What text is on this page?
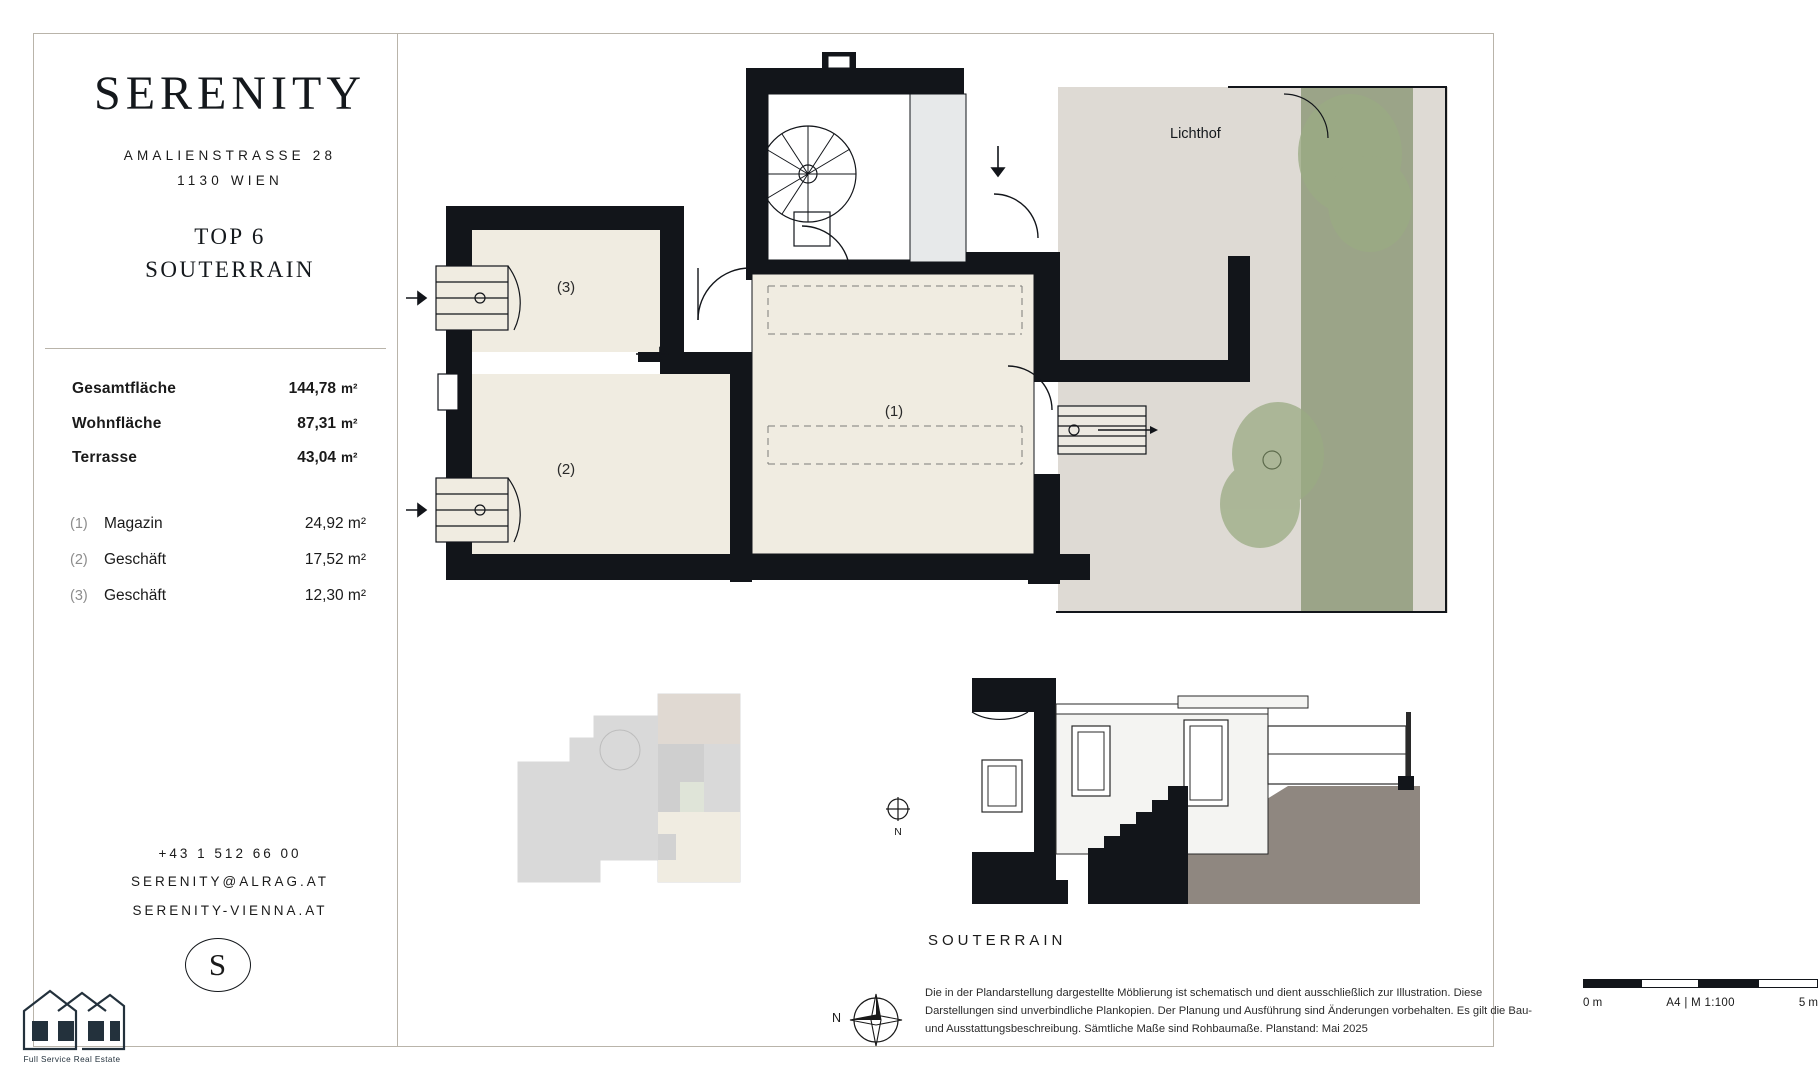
SERENITY
AMALIENSTRASSE 28
1130 WIEN
TOP 6
SOUTERRAIN
Gesamtfläche	144,78 m²
Wohnfläche	87,31 m²
Terrasse	43,04 m²
(1)	Magazin	24,92 m²
(2)	Geschäft	17,52 m²
(3)	Geschäft	12,30 m²
+43 1 512 66 00
SERENITY@ALRAG.AT
SERENITY-VIENNA.AT
S
Full Service Real Estate
(3)
(2)
(1)
Lichthof
N
SOUTERRAIN
Die in der Plandarstellung dargestellte Möblierung ist schematisch und dient ausschließlich zur Illustration. Diese Darstellungen sind unverbindliche Plankopien. Der Planung und Ausführung sind Änderungen vorbehalten. Es gilt die Bau- und Ausstattungsbeschreibung. Sämtliche Maße sind Rohbaumaße. Planstand: Mai 2025
N
0 m	A4 | M 1:100	5 m
